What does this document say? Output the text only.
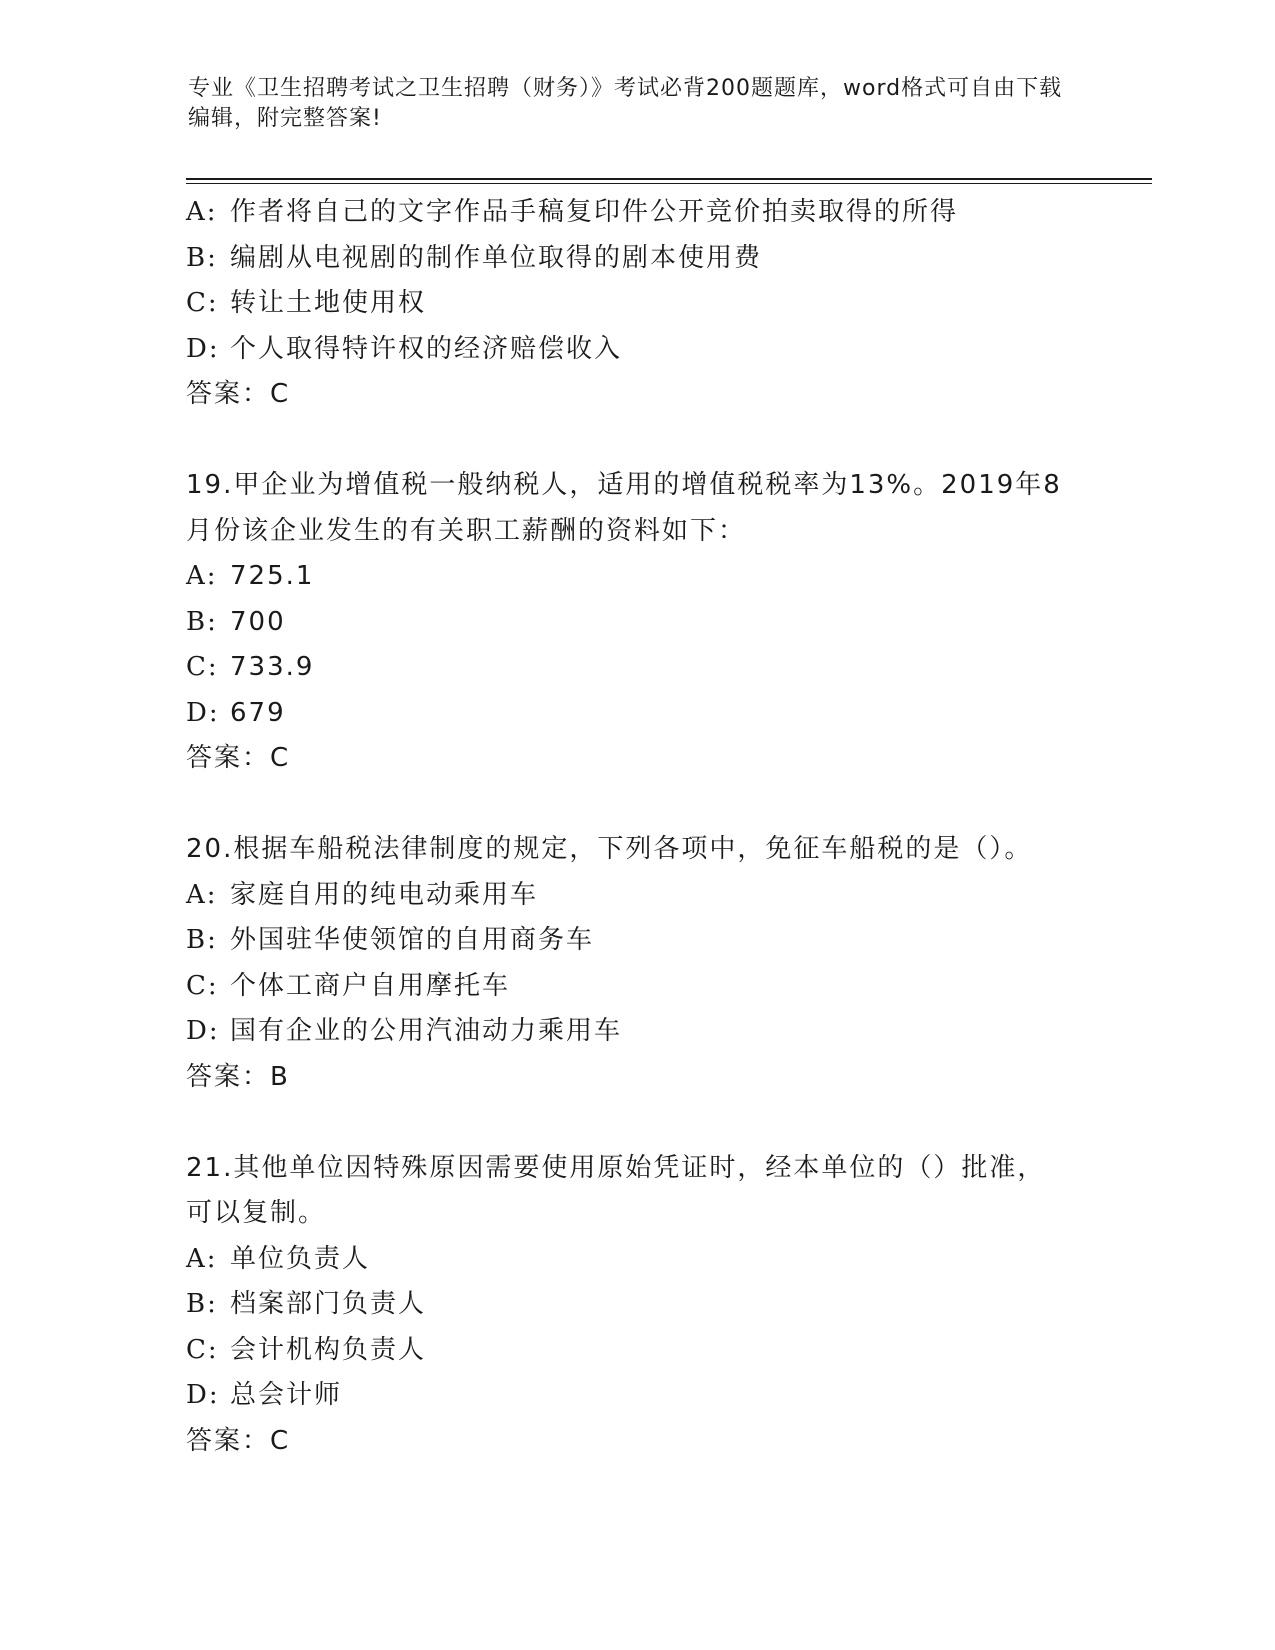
专业《卫生招聘考试之卫生招聘（财务）》考试必背200题题库，word格式可自由下载编辑，附完整答案!
A: 作者将自己的文字作品手稿复印件公开竞价拍卖取得的所得
B: 编剧从电视剧的制作单位取得的剧本使用费
C: 转让土地使用权
D: 个人取得特许权的经济赔偿收入
答案：C
19.甲企业为增值税一般纳税人，适用的增值税税率为13%。2019年8月份该企业发生的有关职工薪酬的资料如下：
A: 725.1
B: 700
C: 733.9
D: 679
答案：C
20.根据车船税法律制度的规定，下列各项中，免征车船税的是（）。
A: 家庭自用的纯电动乘用车
B: 外国驻华使领馆的自用商务车
C: 个体工商户自用摩托车
D: 国有企业的公用汽油动力乘用车
答案：B
21.其他单位因特殊原因需要使用原始凭证时，经本单位的（）批准，可以复制。
A: 单位负责人
B: 档案部门负责人
C: 会计机构负责人
D: 总会计师
答案：C
